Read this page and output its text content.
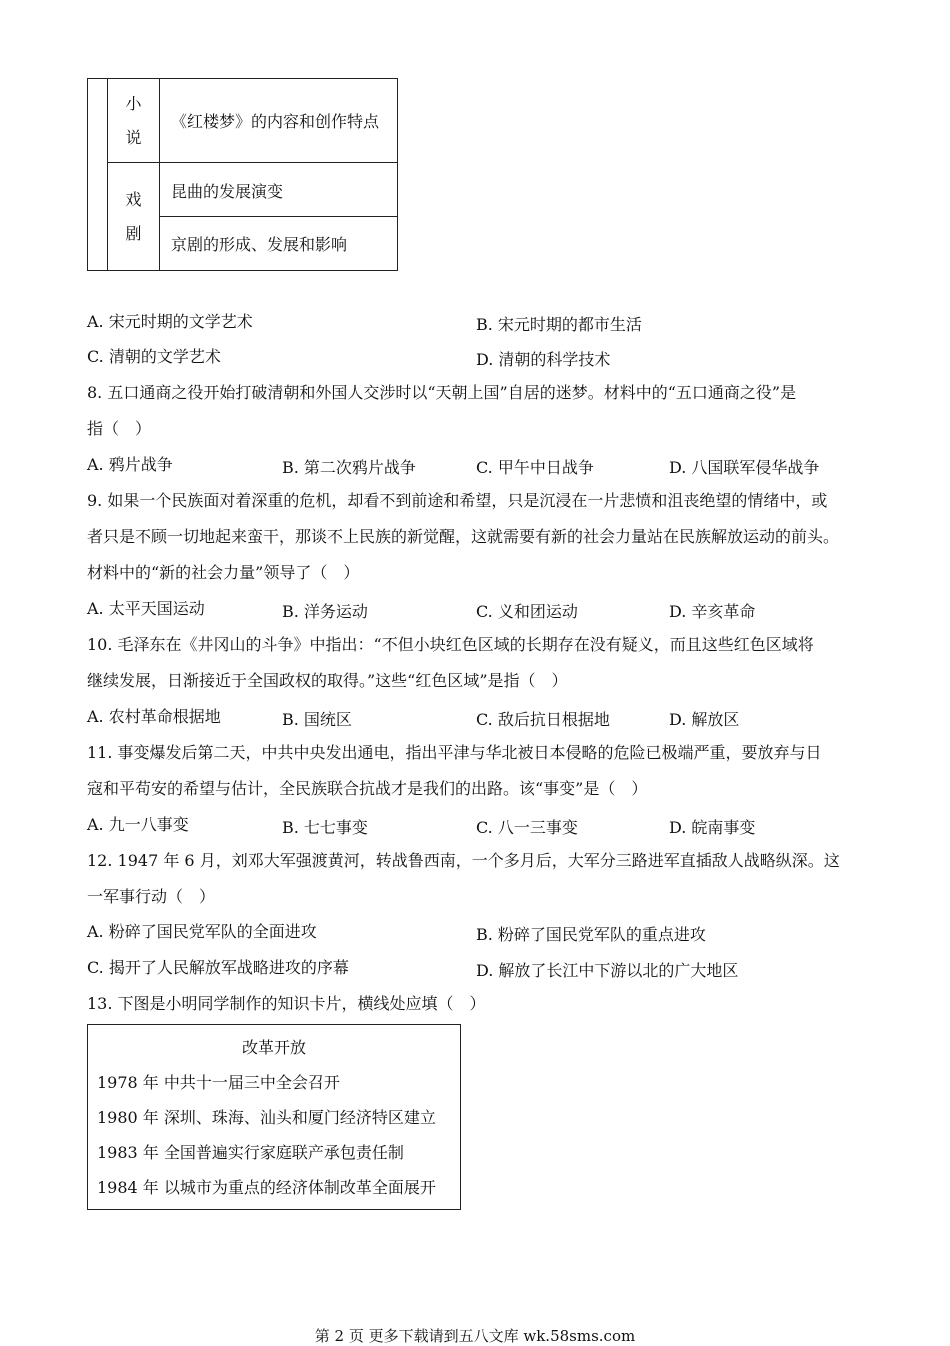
	小
说	《红楼梦》的内容和创作特点

	戏
剧	昆曲的发展演变
		京剧的形成、发展和影响
A. 宋元时期的文学艺术	B. 宋元时期的都市生活
C. 清朝的文学艺术	D. 清朝的科学技术
8. 五口通商之役开始打破清朝和外国人交涉时以“天朝上国”自居的迷梦。材料中的“五口通商之役”是
指（　）
A. 鸦片战争	B. 第二次鸦片战争	C. 甲午中日战争	D. 八国联军侵华战争
9. 如果一个民族面对着深重的危机，却看不到前途和希望，只是沉浸在一片悲愤和沮丧绝望的情绪中，或
者只是不顾一切地起来蛮干，那谈不上民族的新觉醒，这就需要有新的社会力量站在民族解放运动的前头。
材料中的“新的社会力量”领导了（　）
A. 太平天国运动	B. 洋务运动	C. 义和团运动	D. 辛亥革命
10. 毛泽东在《井冈山的斗争》中指出：“不但小块红色区域的长期存在没有疑义，而且这些红色区域将
继续发展，日渐接近于全国政权的取得。”这些“红色区域”是指（　）
A. 农村革命根据地	B. 国统区	C. 敌后抗日根据地	D. 解放区
11. 事变爆发后第二天，中共中央发出通电，指出平津与华北被日本侵略的危险已极端严重，要放弃与日
寇和平苟安的希望与估计，全民族联合抗战才是我们的出路。该“事变”是（　）
A. 九一八事变	B. 七七事变	C. 八一三事变	D. 皖南事变
12. 1947 年 6 月，刘邓大军强渡黄河，转战鲁西南，一个多月后，大军分三路进军直插敌人战略纵深。这
一军事行动（　）
A. 粉碎了国民党军队的全面进攻	B. 粉碎了国民党军队的重点进攻
C. 揭开了人民解放军战略进攻的序幕	D. 解放了长江中下游以北的广大地区
13. 下图是小明同学制作的知识卡片，横线处应填（　）
改革开放
1978 年 中共十一届三中全会召开
1980 年 深圳、珠海、汕头和厦门经济特区建立
1983 年 全国普遍实行家庭联产承包责任制
1984 年 以城市为重点的经济体制改革全面展开
第 2 页 更多下载请到五八文库 wk.58sms.com
